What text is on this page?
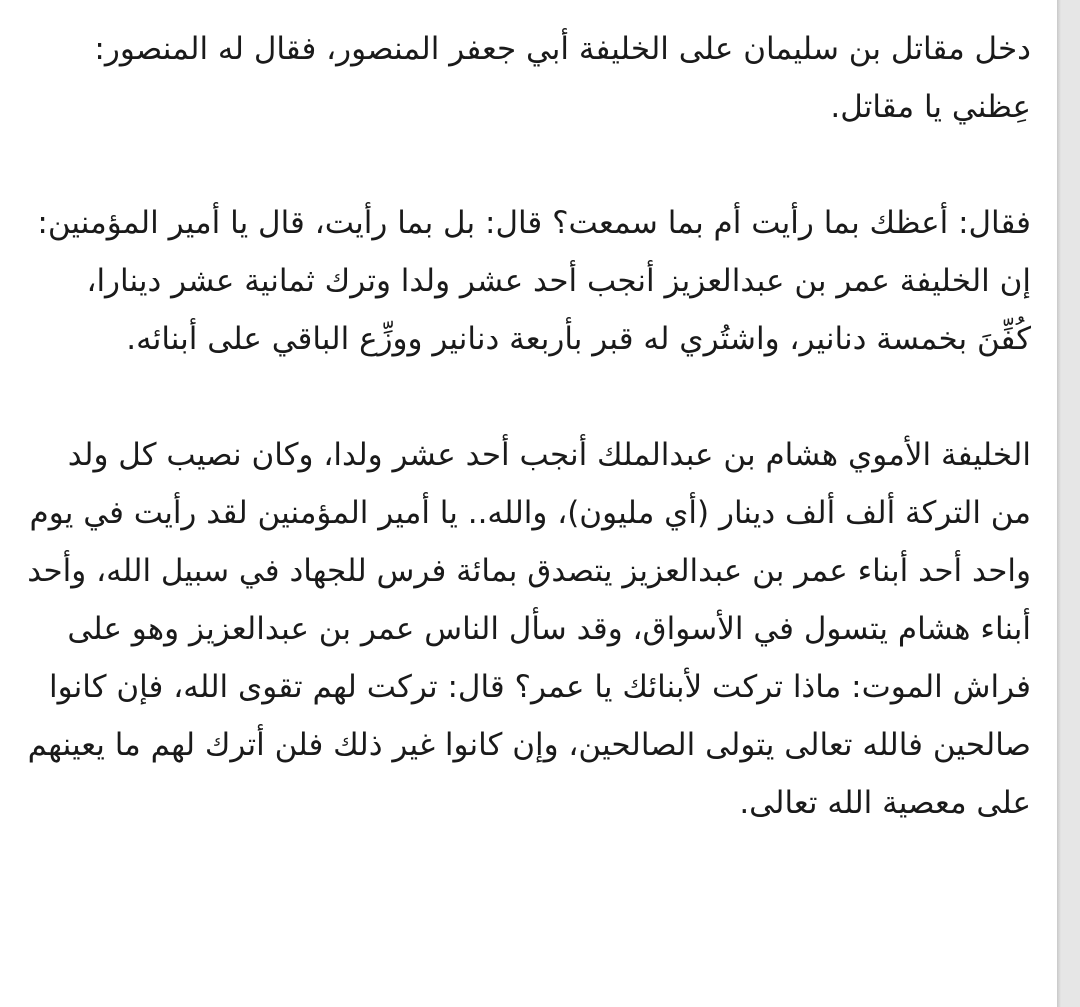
دخل مقاتل بن سليمان على الخليفة أبي جعفر المنصور، فقال له المنصور: عِظني يا مقاتل.

فقال: أعظك بما رأيت أم بما سمعت؟ قال: بل بما رأيت، قال يا أمير المؤمنين: إن الخليفة عمر بن عبدالعزيز أنجب أحد عشر ولدا وترك ثمانية عشر دينارا، كُفِّنَ بخمسة دنانير، واشتُري له قبر بأربعة دنانير ووزِّع الباقي على أبنائه.

الخليفة الأموي هشام بن عبدالملك أنجب أحد عشر ولدا، وكان نصيب كل ولد من التركة ألف ألف دينار (أي مليون)، والله.. يا أمير المؤمنين لقد رأيت في يوم واحد أحد أبناء عمر بن عبدالعزيز يتصدق بمائة فرس للجهاد في سبيل الله، وأحد أبناء هشام يتسول في الأسواق، وقد سأل الناس عمر بن عبدالعزيز وهو على فراش الموت: ماذا تركت لأبنائك يا عمر؟ قال: تركت لهم تقوى الله، فإن كانوا صالحين فالله تعالى يتولى الصالحين، وإن كانوا غير ذلك فلن أترك لهم ما يعينهم على معصية الله تعالى.
